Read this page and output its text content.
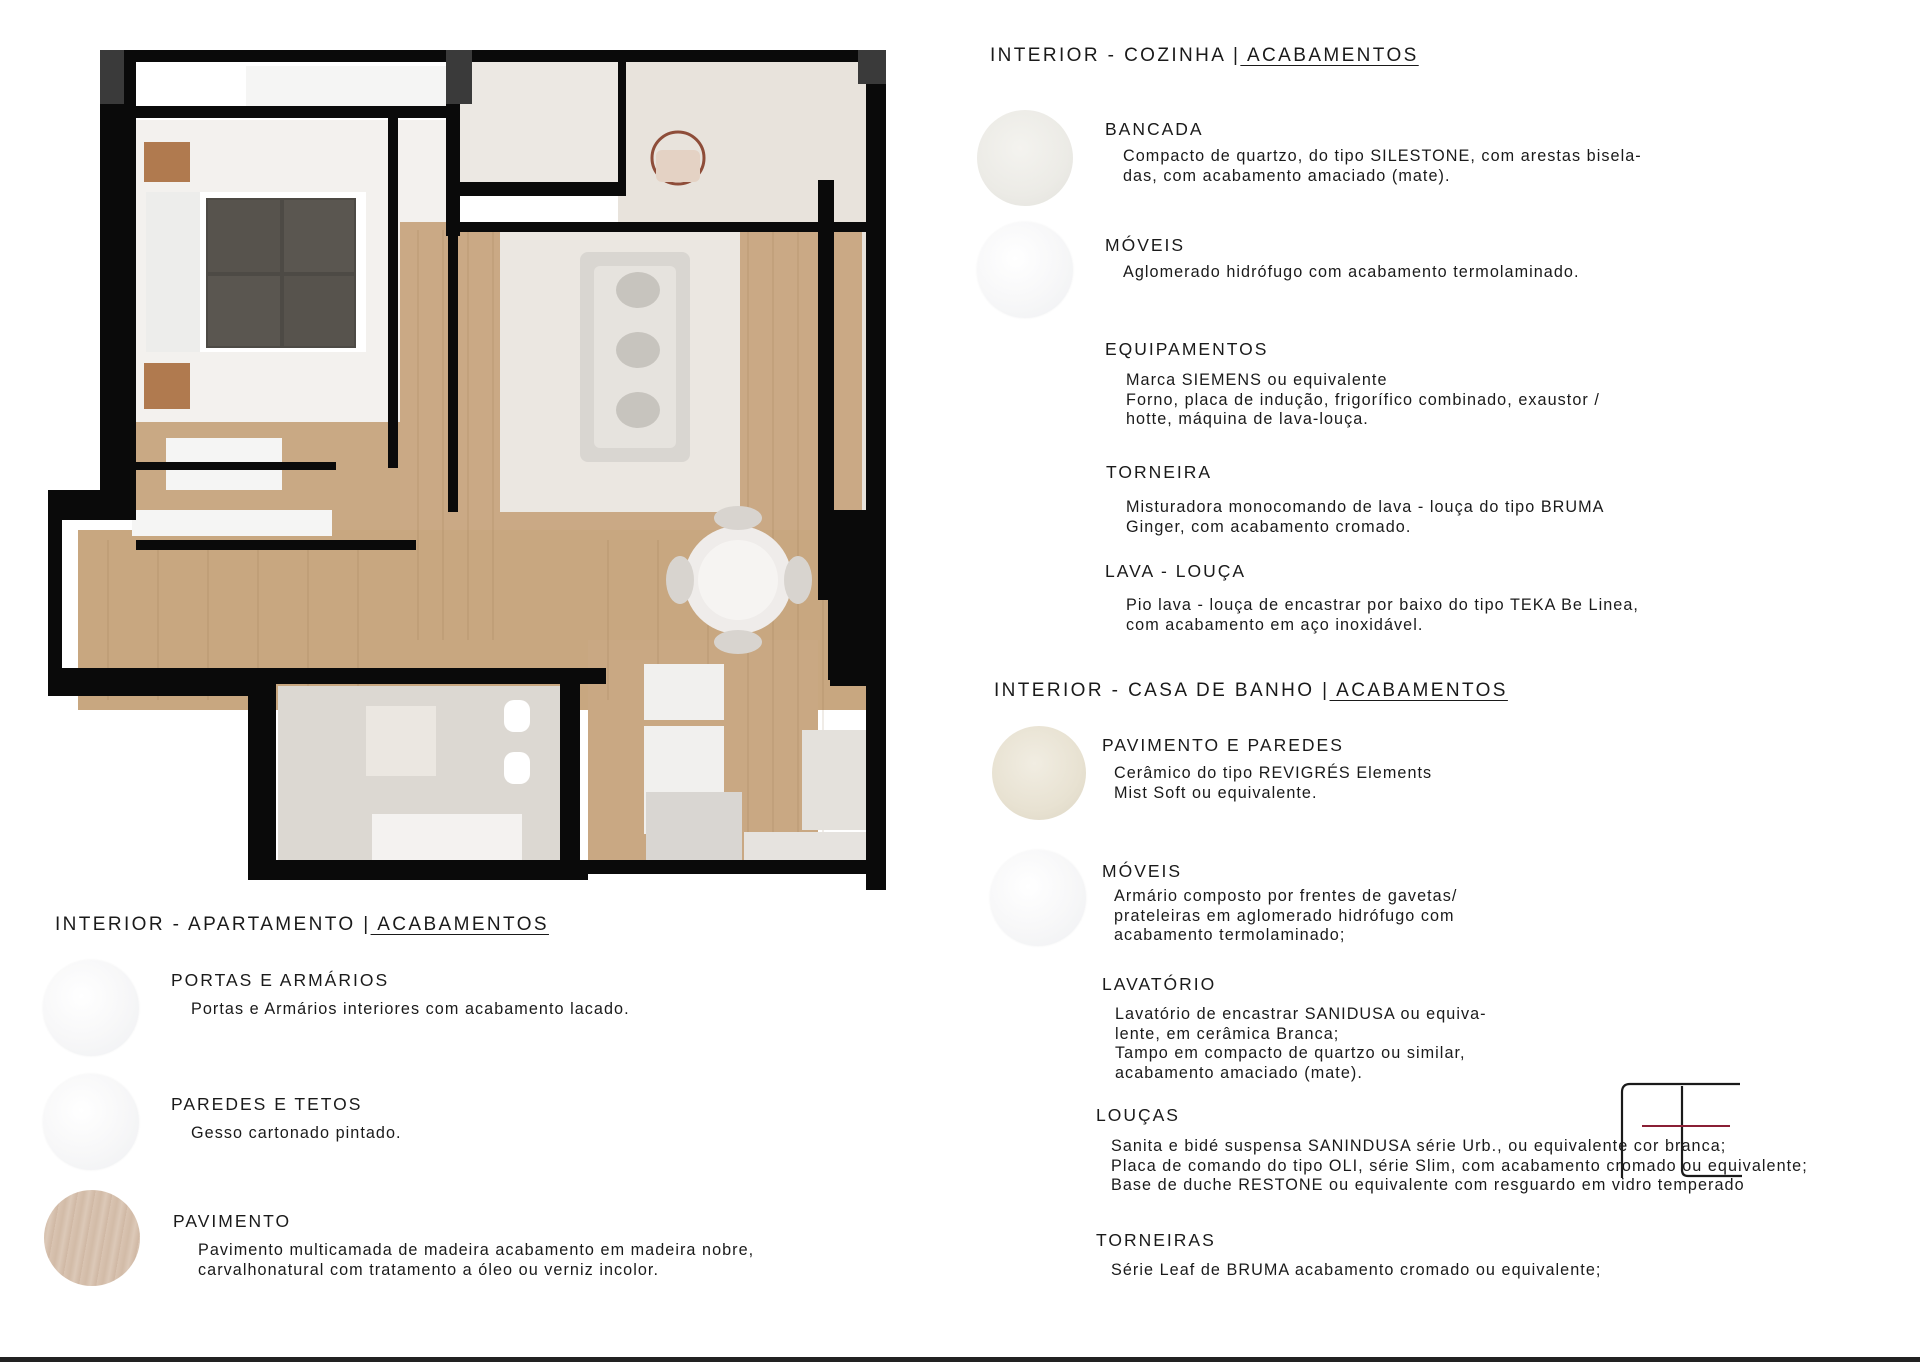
INTERIOR - COZINHA | ACABAMENTOS
BANCADA
Compacto de quartzo, do tipo SILESTONE, com arestas bisela-
das, com acabamento amaciado (mate).
MÓVEIS
Aglomerado hidrófugo com acabamento termolaminado.
EQUIPAMENTOS
Marca SIEMENS ou equivalente
Forno, placa de indução, frigorífico combinado, exaustor /
hotte, máquina de lava-louça.
TORNEIRA
Misturadora monocomando de lava - louça do tipo BRUMA
Ginger, com acabamento cromado.
LAVA - LOUÇA
Pio lava - louça de encastrar por baixo do tipo TEKA Be Linea,
com acabamento em aço inoxidável.
INTERIOR - CASA DE BANHO | ACABAMENTOS
PAVIMENTO E PAREDES
Cerâmico do tipo REVIGRÉS Elements
Mist Soft ou equivalente.
MÓVEIS
Armário composto por frentes de gavetas/
prateleiras em aglomerado hidrófugo com
acabamento termolaminado;
LAVATÓRIO
Lavatório de encastrar SANIDUSA ou equiva-
lente, em cerâmica Branca;
Tampo em compacto de quartzo ou similar,
acabamento amaciado (mate).
LOUÇAS
Sanita e bidé suspensa SANINDUSA série Urb., ou equivalente cor branca;
Placa de comando do tipo OLI, série Slim, com acabamento cromado ou equivalente;
Base de duche RESTONE ou equivalente com resguardo em vidro temperado
TORNEIRAS
Série Leaf de BRUMA acabamento cromado ou equivalente;
INTERIOR - APARTAMENTO | ACABAMENTOS
PORTAS E ARMÁRIOS
Portas e Armários interiores com acabamento lacado.
PAREDES E TETOS
Gesso cartonado pintado.
PAVIMENTO
Pavimento multicamada de madeira acabamento em madeira nobre,
carvalhonatural com tratamento a óleo ou verniz incolor.
